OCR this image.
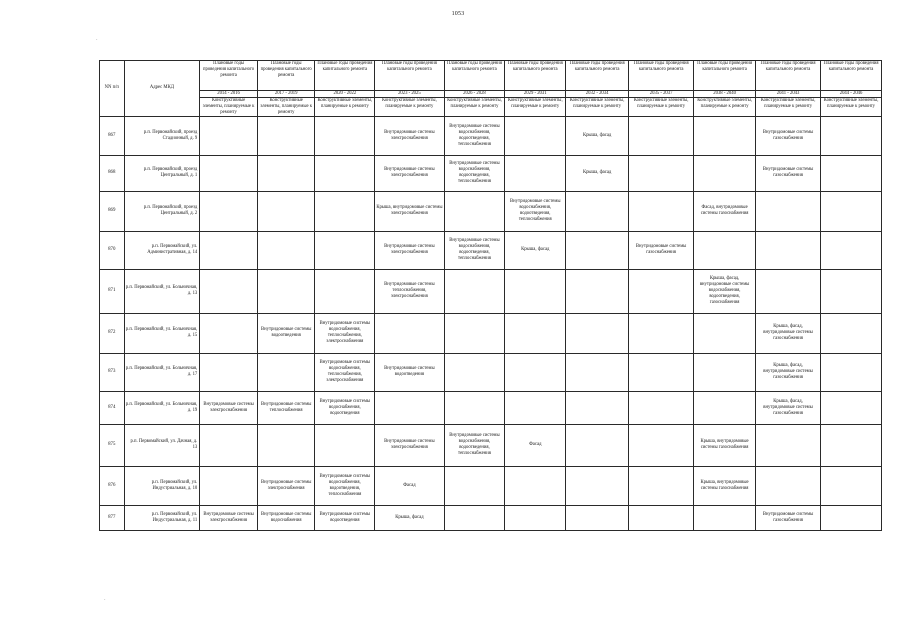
1053
NN п/п	Адрес МКД	Плановые годы проведения капитального ремонта	Плановые годы проведения капитального ремонта	Плановые годы проведения капитального ремонта	Плановые годы проведения капитального ремонта	Плановые годы проведения капитального ремонта	Плановые годы проведения капитального ремонта	Плановые годы проведения капитального ремонта	Плановые годы проведения капитального ремонта	Плановые годы проведения капитального ремонта	Плановые годы проведения капитального ремонта	Плановые годы проведения капитального ремонта
		2014 - 2016	2017 - 2019	2020 - 2022	2023 - 2025	2026 - 2028	2029 - 2031	2032 - 2034	2035 - 2037	2038 - 2040	2041 - 2043	2044 - 2046
		Конструктивные элементы, планируемые к ремонту	Конструктивные элементы, планируемые к ремонту	Конструктивные элементы, планируемые к ремонту	Конструктивные элементы, планируемые к ремонту	Конструктивные элементы, планируемые к ремонту	Конструктивные элементы, планируемые к ремонту	Конструктивные элементы, планируемые к ремонту	Конструктивные элементы, планируемые к ремонту	Конструктивные элементы, планируемые к ремонту	Конструктивные элементы, планируемые к ремонту	Конструктивные элементы, планируемые к ремонту
867	р.п. Первомайский, проезд Стадионный, д. 9				Внутридомовые системы электроснабжения	Внутридомовые системы водоснабжения, водоотведения, теплоснабжения		Крыша, фасад			Внутридомовые системы газоснабжения	
868	р.п. Первомайский, проезд Центральный, д. 1				Внутридомовые системы электроснабжения	Внутридомовые системы водоснабжения, водоотведения, теплоснабжения		Крыша, фасад			Внутридомовые системы газоснабжения	
869	р.п. Первомайский, проезд Центральный, д. 2				Крыша, внутридомовые системы электроснабжения		Внутридомовые системы водоснабжения, водоотведения, теплоснабжения			Фасад, внутридомовые системы газоснабжения		
870	р.п. Первомайский, ул. Административная, д. 14				Внутридомовые системы электроснабжения	Внутридомовые системы водоснабжения, водоотведения, теплоснабжения	Крыша, фасад		Внутридомовые системы газоснабжения			
871	р.п. Первомайский, ул. Больничная, д. 13				Внутридомовые системы теплоснабжения, электроснабжения					Крыша, фасад, внутридомовые системы водоснабжения, водоотведения, газоснабжения		
872	р.п. Первомайский, ул. Больничная, д. 15		Внутридомовые системы водоотведения	Внутридомовые системы водоснабжения, теплоснабжения, электроснабжения							Крыша, фасад, внутридомовые системы газоснабжения	
873	р.п. Первомайский, ул. Больничная, д. 17			Внутридомовые системы водоснабжения, теплоснабжения, электроснабжения	Внутридомовые системы водоотведения						Крыша, фасад, внутридомовые системы газоснабжения	
874	р.п. Первомайский, ул. Больничная, д. 19	Внутридомовые системы электроснабжения	Внутридомовые системы теплоснабжения	Внутридомовые системы водоснабжения, водоотведения							Крыша, фасад, внутридомовые системы газоснабжения	
875	р.п. Первомайский, ул. Дачная, д. 13				Внутридомовые системы электроснабжения	Внутридомовые системы водоснабжения, водоотведения, теплоснабжения	Фасад			Крыша, внутридомовые системы газоснабжения		
876	р.п. Первомайский, ул. Индустриальная, д. 10		Внутридомовые системы электроснабжения	Внутридомовые системы водоснабжения, водоотведения, теплоснабжения	Фасад					Крыша, внутридомовые системы газоснабжения		
877	р.п. Первомайский, ул. Индустриальная, д. 11	Внутридомовые системы электроснабжения	Внутридомовые системы водоснабжения	Внутридомовые системы водоотведения	Крыша, фасад						Внутридомовые системы газоснабжения	
·
·
